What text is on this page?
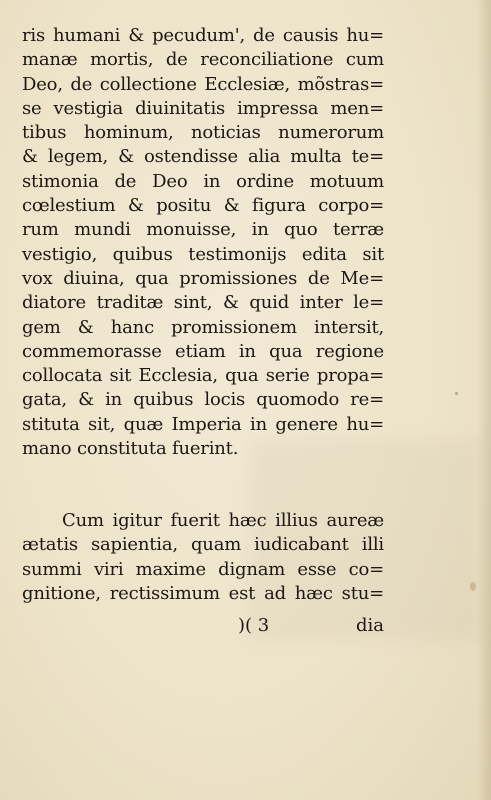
ris humani & pecudum', de causis hu=
manæ mortis, de reconciliatione cum
Deo, de collectione Ecclesiæ, mõstras=
se vestigia diuinitatis impressa men=
tibus hominum, noticias numerorum
& legem, & ostendisse alia multa te=
stimonia de Deo in ordine motuum
cœlestium & positu & figura corpo=
rum mundi monuisse, in quo terræ
vestigio, quibus testimonijs edita sit
vox diuina, qua promissiones de Me=
diatore traditæ sint, & quid inter le=
gem & hanc promissionem intersit,
commemorasse etiam in qua regione
collocata sit Ecclesia, qua serie propa=
gata, & in quibus locis quomodo re=
stituta sit, quæ Imperia in genere hu=
mano constituta fuerint.
Cum igitur fuerit hæc illius aureæ
ætatis sapientia, quam iudicabant illi
summi viri maxime dignam esse co=
gnitione, rectissimum est ad hæc stu=
)( 3	dia
